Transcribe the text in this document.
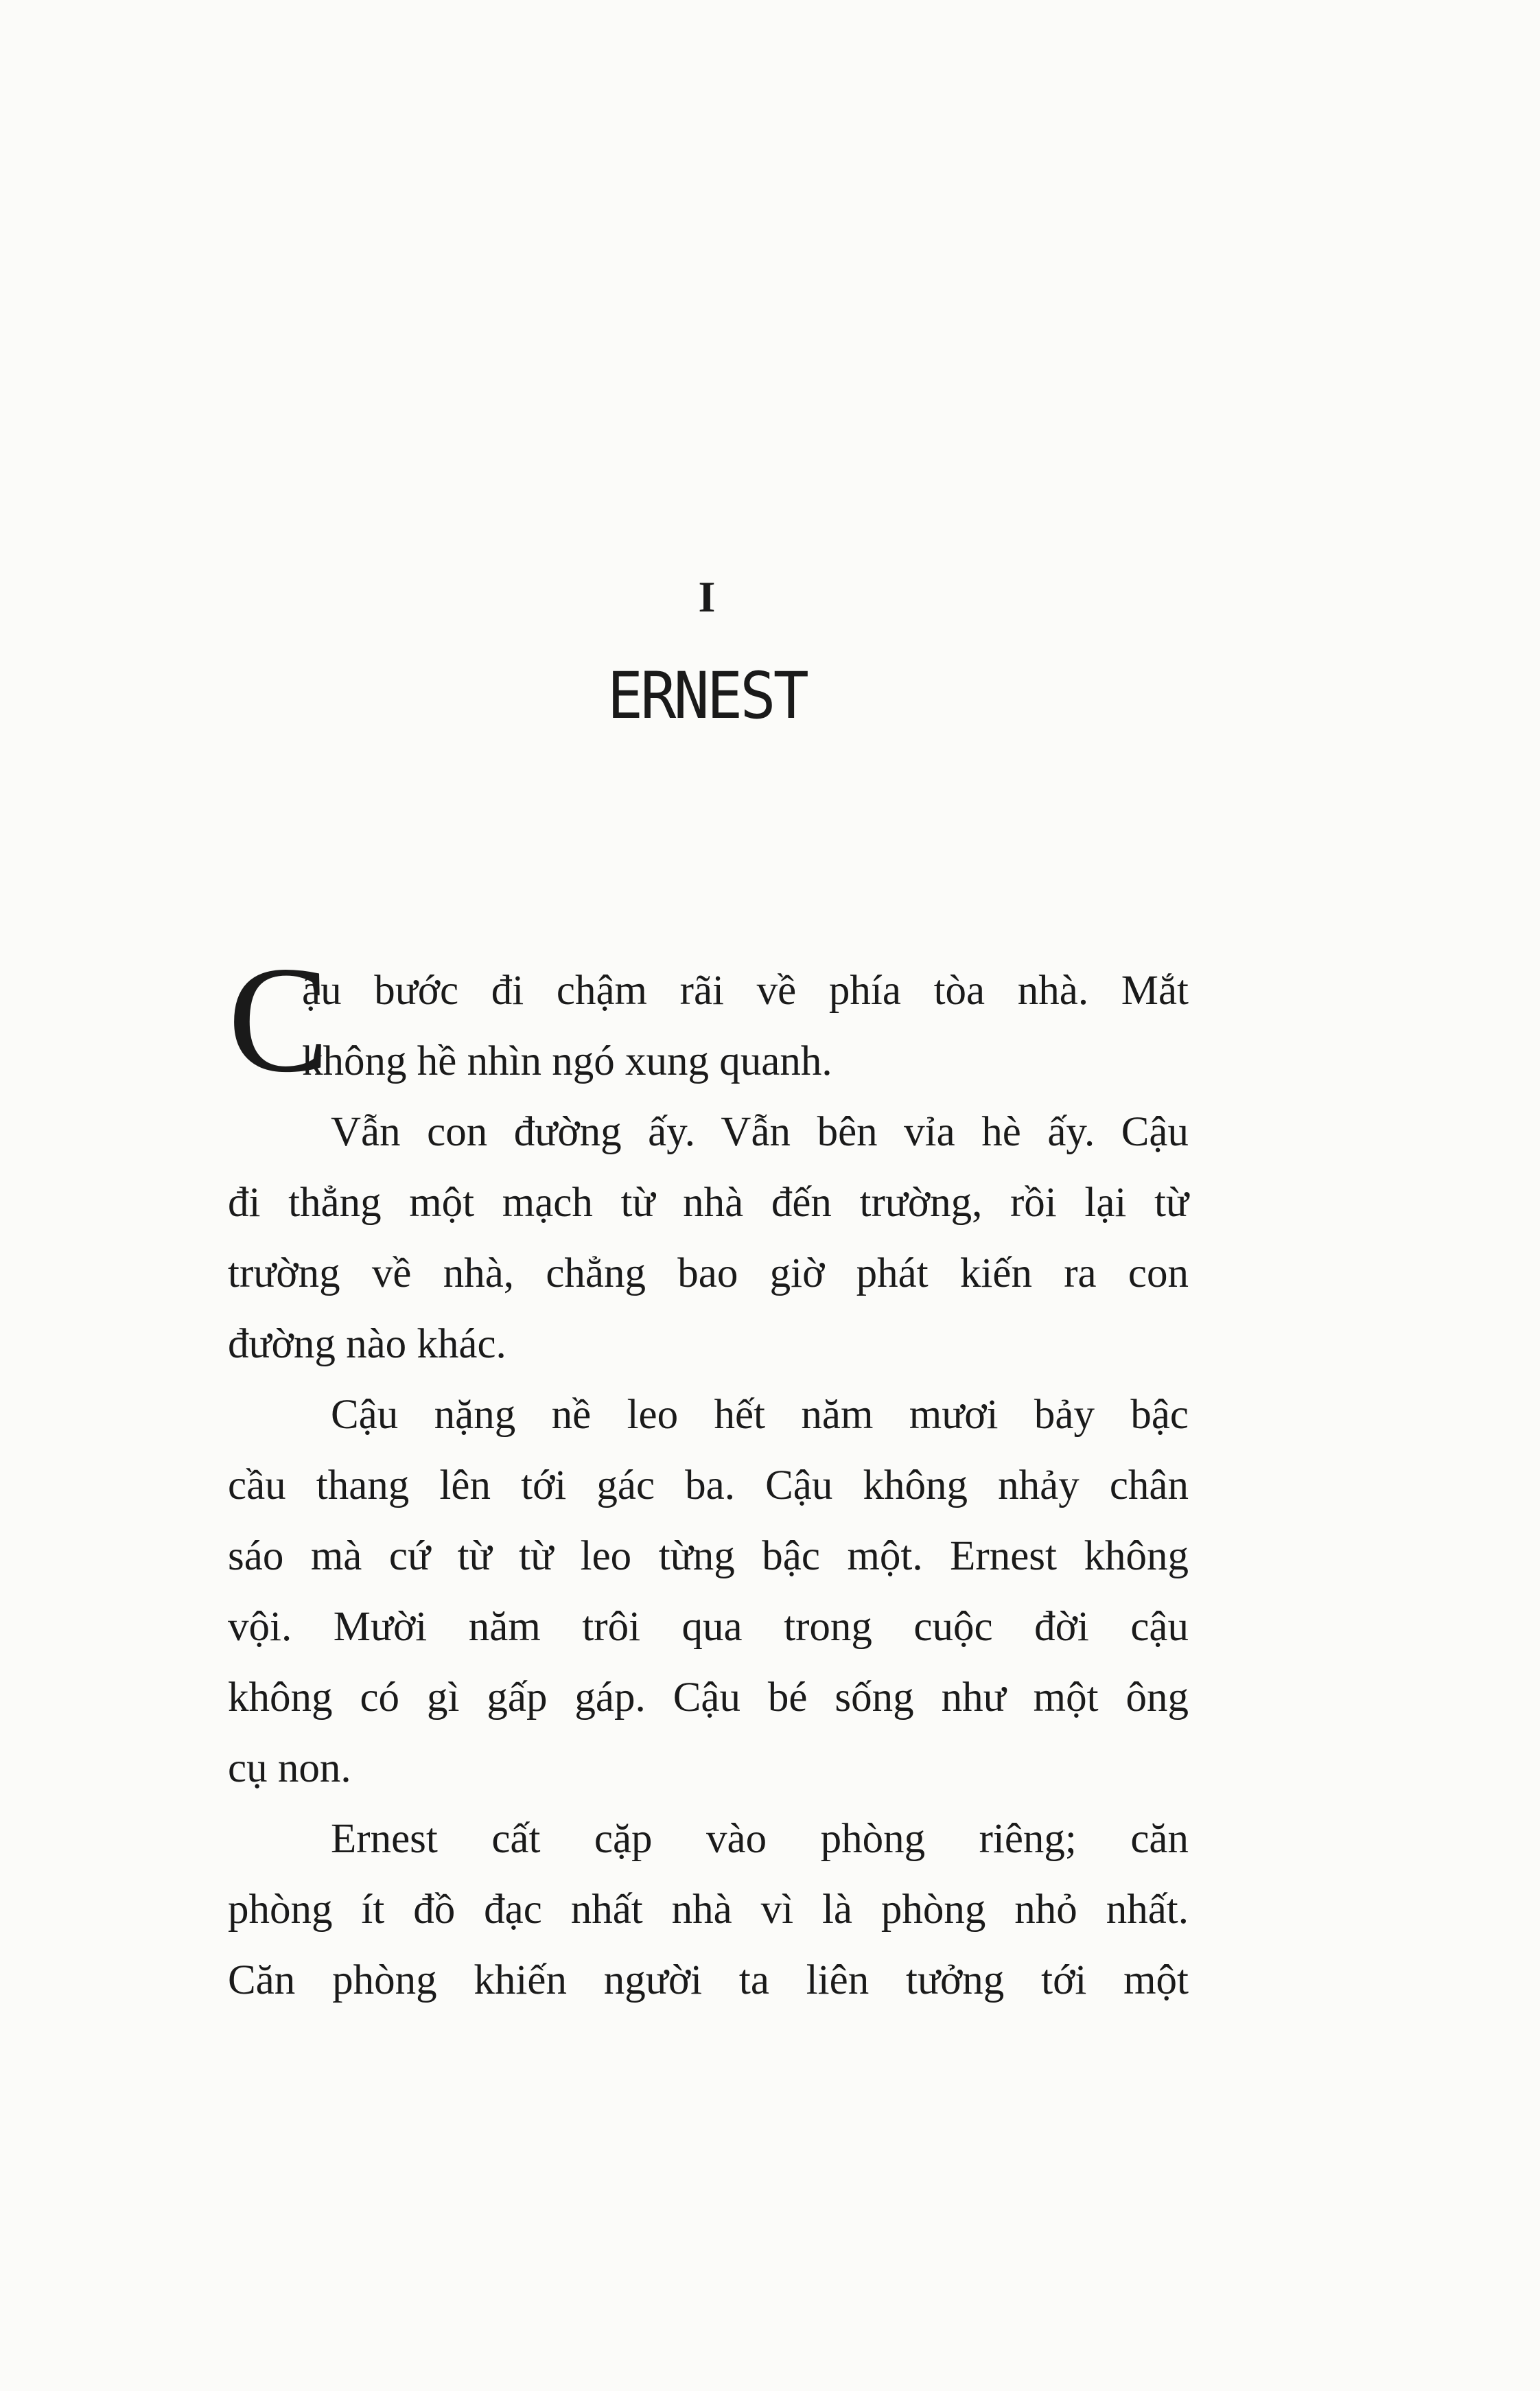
I
ERNEST
C
ậu bước đi chậm rãi về phía tòa nhà. Mắt
không hề nhìn ngó xung quanh.
Vẫn con đường ấy. Vẫn bên vỉa hè ấy. Cậu
đi thẳng một mạch từ nhà đến trường, rồi lại từ
trường về nhà, chẳng bao giờ phát kiến ra con
đường nào khác.
Cậu nặng nề leo hết năm mươi bảy bậc
cầu thang lên tới gác ba. Cậu không nhảy chân
sáo mà cứ từ từ leo từng bậc một. Ernest không
vội. Mười năm trôi qua trong cuộc đời cậu
không có gì gấp gáp. Cậu bé sống như một ông
cụ non.
Ernest cất cặp vào phòng riêng; căn
phòng ít đồ đạc nhất nhà vì là phòng nhỏ nhất.
Căn phòng khiến người ta liên tưởng tới một
